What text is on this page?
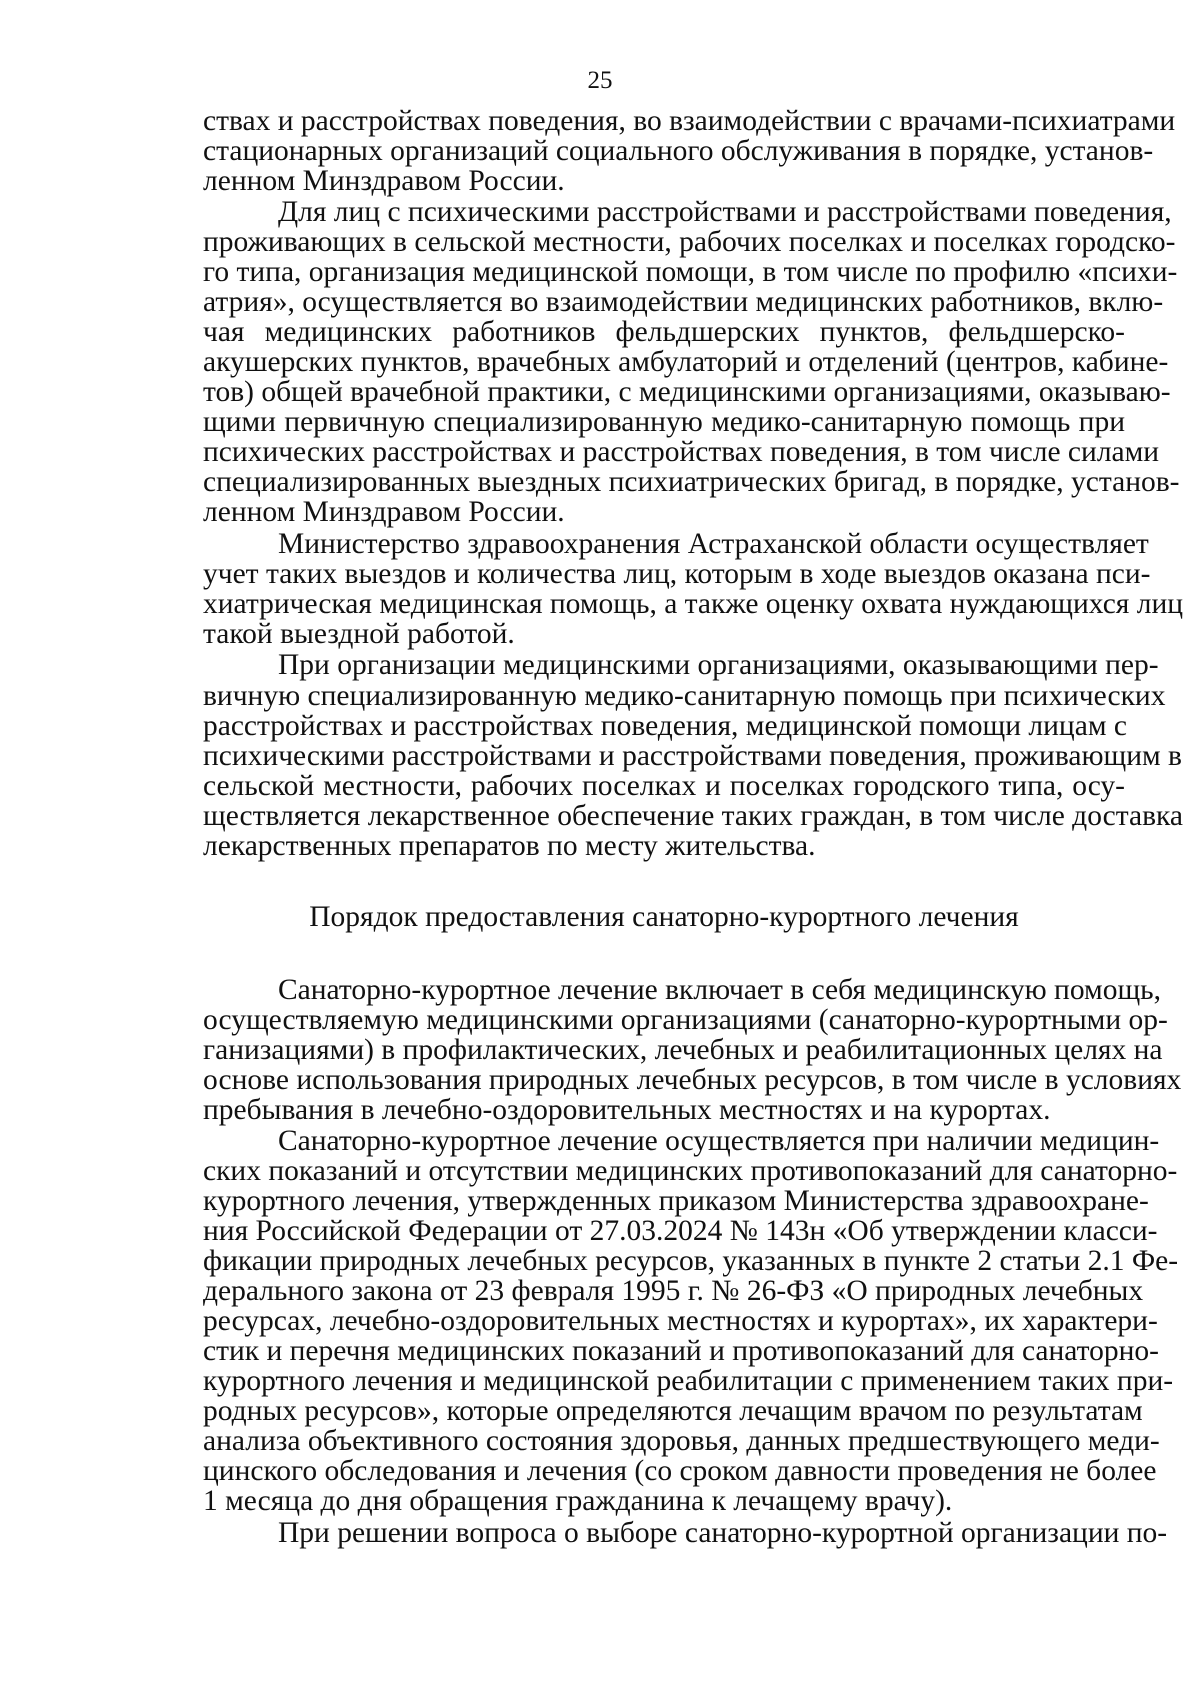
25
ствах и расстройствах поведения, во взаимодействии с врачами-психиатрами
стационарных организаций социального обслуживания в порядке, установ-
ленном Минздравом России.
Для лиц с психическими расстройствами и расстройствами поведения,
проживающих в сельской местности, рабочих поселках и поселках городско-
го типа, организация медицинской помощи, в том числе по профилю «психи-
атрия», осуществляется во взаимодействии медицинских работников, вклю-
чая медицинских работников фельдшерских пунктов, фельдшерско-
акушерских пунктов, врачебных амбулаторий и отделений (центров, кабине-
тов) общей врачебной практики, с медицинскими организациями, оказываю-
щими первичную специализированную медико-санитарную помощь при
психических расстройствах и расстройствах поведения, в том числе силами
специализированных выездных психиатрических бригад, в порядке, установ-
ленном Минздравом России.
Министерство здравоохранения Астраханской области осуществляет
учет таких выездов и количества лиц, которым в ходе выездов оказана пси-
хиатрическая медицинская помощь, а также оценку охвата нуждающихся лиц
такой выездной работой.
При организации медицинскими организациями, оказывающими пер-
вичную специализированную медико-санитарную помощь при психических
расстройствах и расстройствах поведения, медицинской помощи лицам с
психическими расстройствами и расстройствами поведения, проживающим в
сельской местности, рабочих поселках и поселках городского типа, осу-
ществляется лекарственное обеспечение таких граждан, в том числе доставка
лекарственных препаратов по месту жительства.
Порядок предоставления санаторно-курортного лечения
Санаторно-курортное лечение включает в себя медицинскую помощь,
осуществляемую медицинскими организациями (санаторно-курортными ор-
ганизациями) в профилактических, лечебных и реабилитационных целях на
основе использования природных лечебных ресурсов, в том числе в условиях
пребывания в лечебно-оздоровительных местностях и на курортах.
Санаторно-курортное лечение осуществляется при наличии медицин-
ских показаний и отсутствии медицинских противопоказаний для санаторно-
курортного лечения, утвержденных приказом Министерства здравоохране-
ния Российской Федерации от 27.03.2024 № 143н «Об утверждении класси-
фикации природных лечебных ресурсов, указанных в пункте 2 статьи 2.1 Фе-
дерального закона от 23 февраля 1995 г. № 26-ФЗ «О природных лечебных
ресурсах, лечебно-оздоровительных местностях и курортах», их характери-
стик и перечня медицинских показаний и противопоказаний для санаторно-
курортного лечения и медицинской реабилитации с применением таких при-
родных ресурсов», которые определяются лечащим врачом по результатам
анализа объективного состояния здоровья, данных предшествующего меди-
цинского обследования и лечения (со сроком давности проведения не более
1 месяца до дня обращения гражданина к лечащему врачу).
При решении вопроса о выборе санаторно-курортной организации по-
